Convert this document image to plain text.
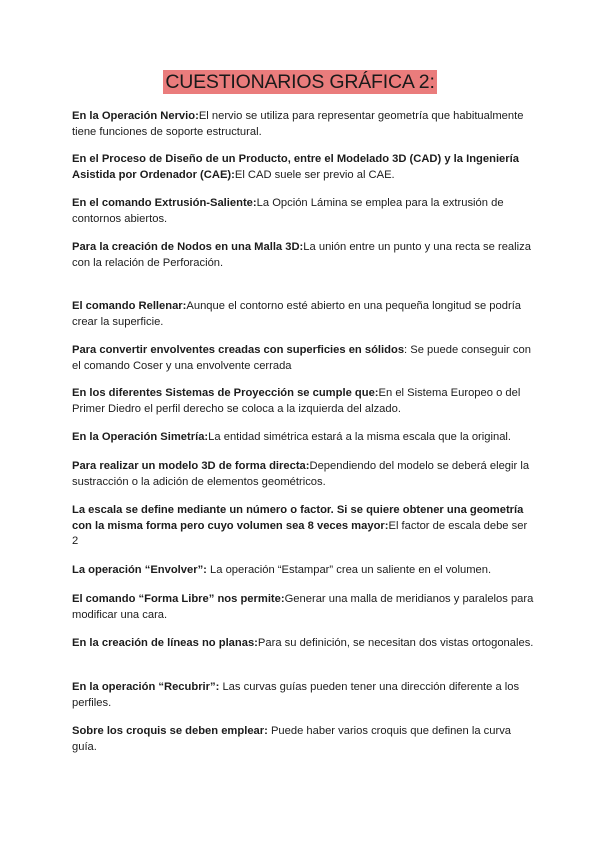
CUESTIONARIOS GRÁFICA 2:
En la Operación Nervio:El nervio se utiliza para representar geometría que habitualmente tiene funciones de soporte estructural.
En el Proceso de Diseño de un Producto, entre el Modelado 3D (CAD) y la Ingeniería Asistida por Ordenador (CAE):El CAD suele ser previo al CAE.
En el comando Extrusión-Saliente:La Opción Lámina se emplea para la extrusión de contornos abiertos.
Para la creación de Nodos en una Malla 3D:La unión entre un punto y una recta se realiza con la relación de Perforación.
El comando Rellenar:Aunque el contorno esté abierto en una pequeña longitud se podría crear la superficie.
Para convertir envolventes creadas con superficies en sólidos: Se puede conseguir con el comando Coser y una envolvente cerrada
En los diferentes Sistemas de Proyección se cumple que:En el Sistema Europeo o del Primer Diedro el perfil derecho se coloca a la izquierda del alzado.
En la Operación Simetría:La entidad simétrica estará a la misma escala que la original.
Para realizar un modelo 3D de forma directa:Dependiendo del modelo se deberá elegir la sustracción o la adición de elementos geométricos.
La escala se define mediante un número o factor. Si se quiere obtener una geometría con la misma forma pero cuyo volumen sea 8 veces mayor:El factor de escala debe ser 2
La operación “Envolver”: La operación “Estampar” crea un saliente en el volumen.
El comando “Forma Libre” nos permite:Generar una malla de meridianos y paralelos para modificar una cara.
En la creación de líneas no planas:Para su definición, se necesitan dos vistas ortogonales.
En la operación “Recubrir”: Las curvas guías pueden tener una dirección diferente a los perfiles.
Sobre los croquis se deben emplear: Puede haber varios croquis que definen la curva guía.
